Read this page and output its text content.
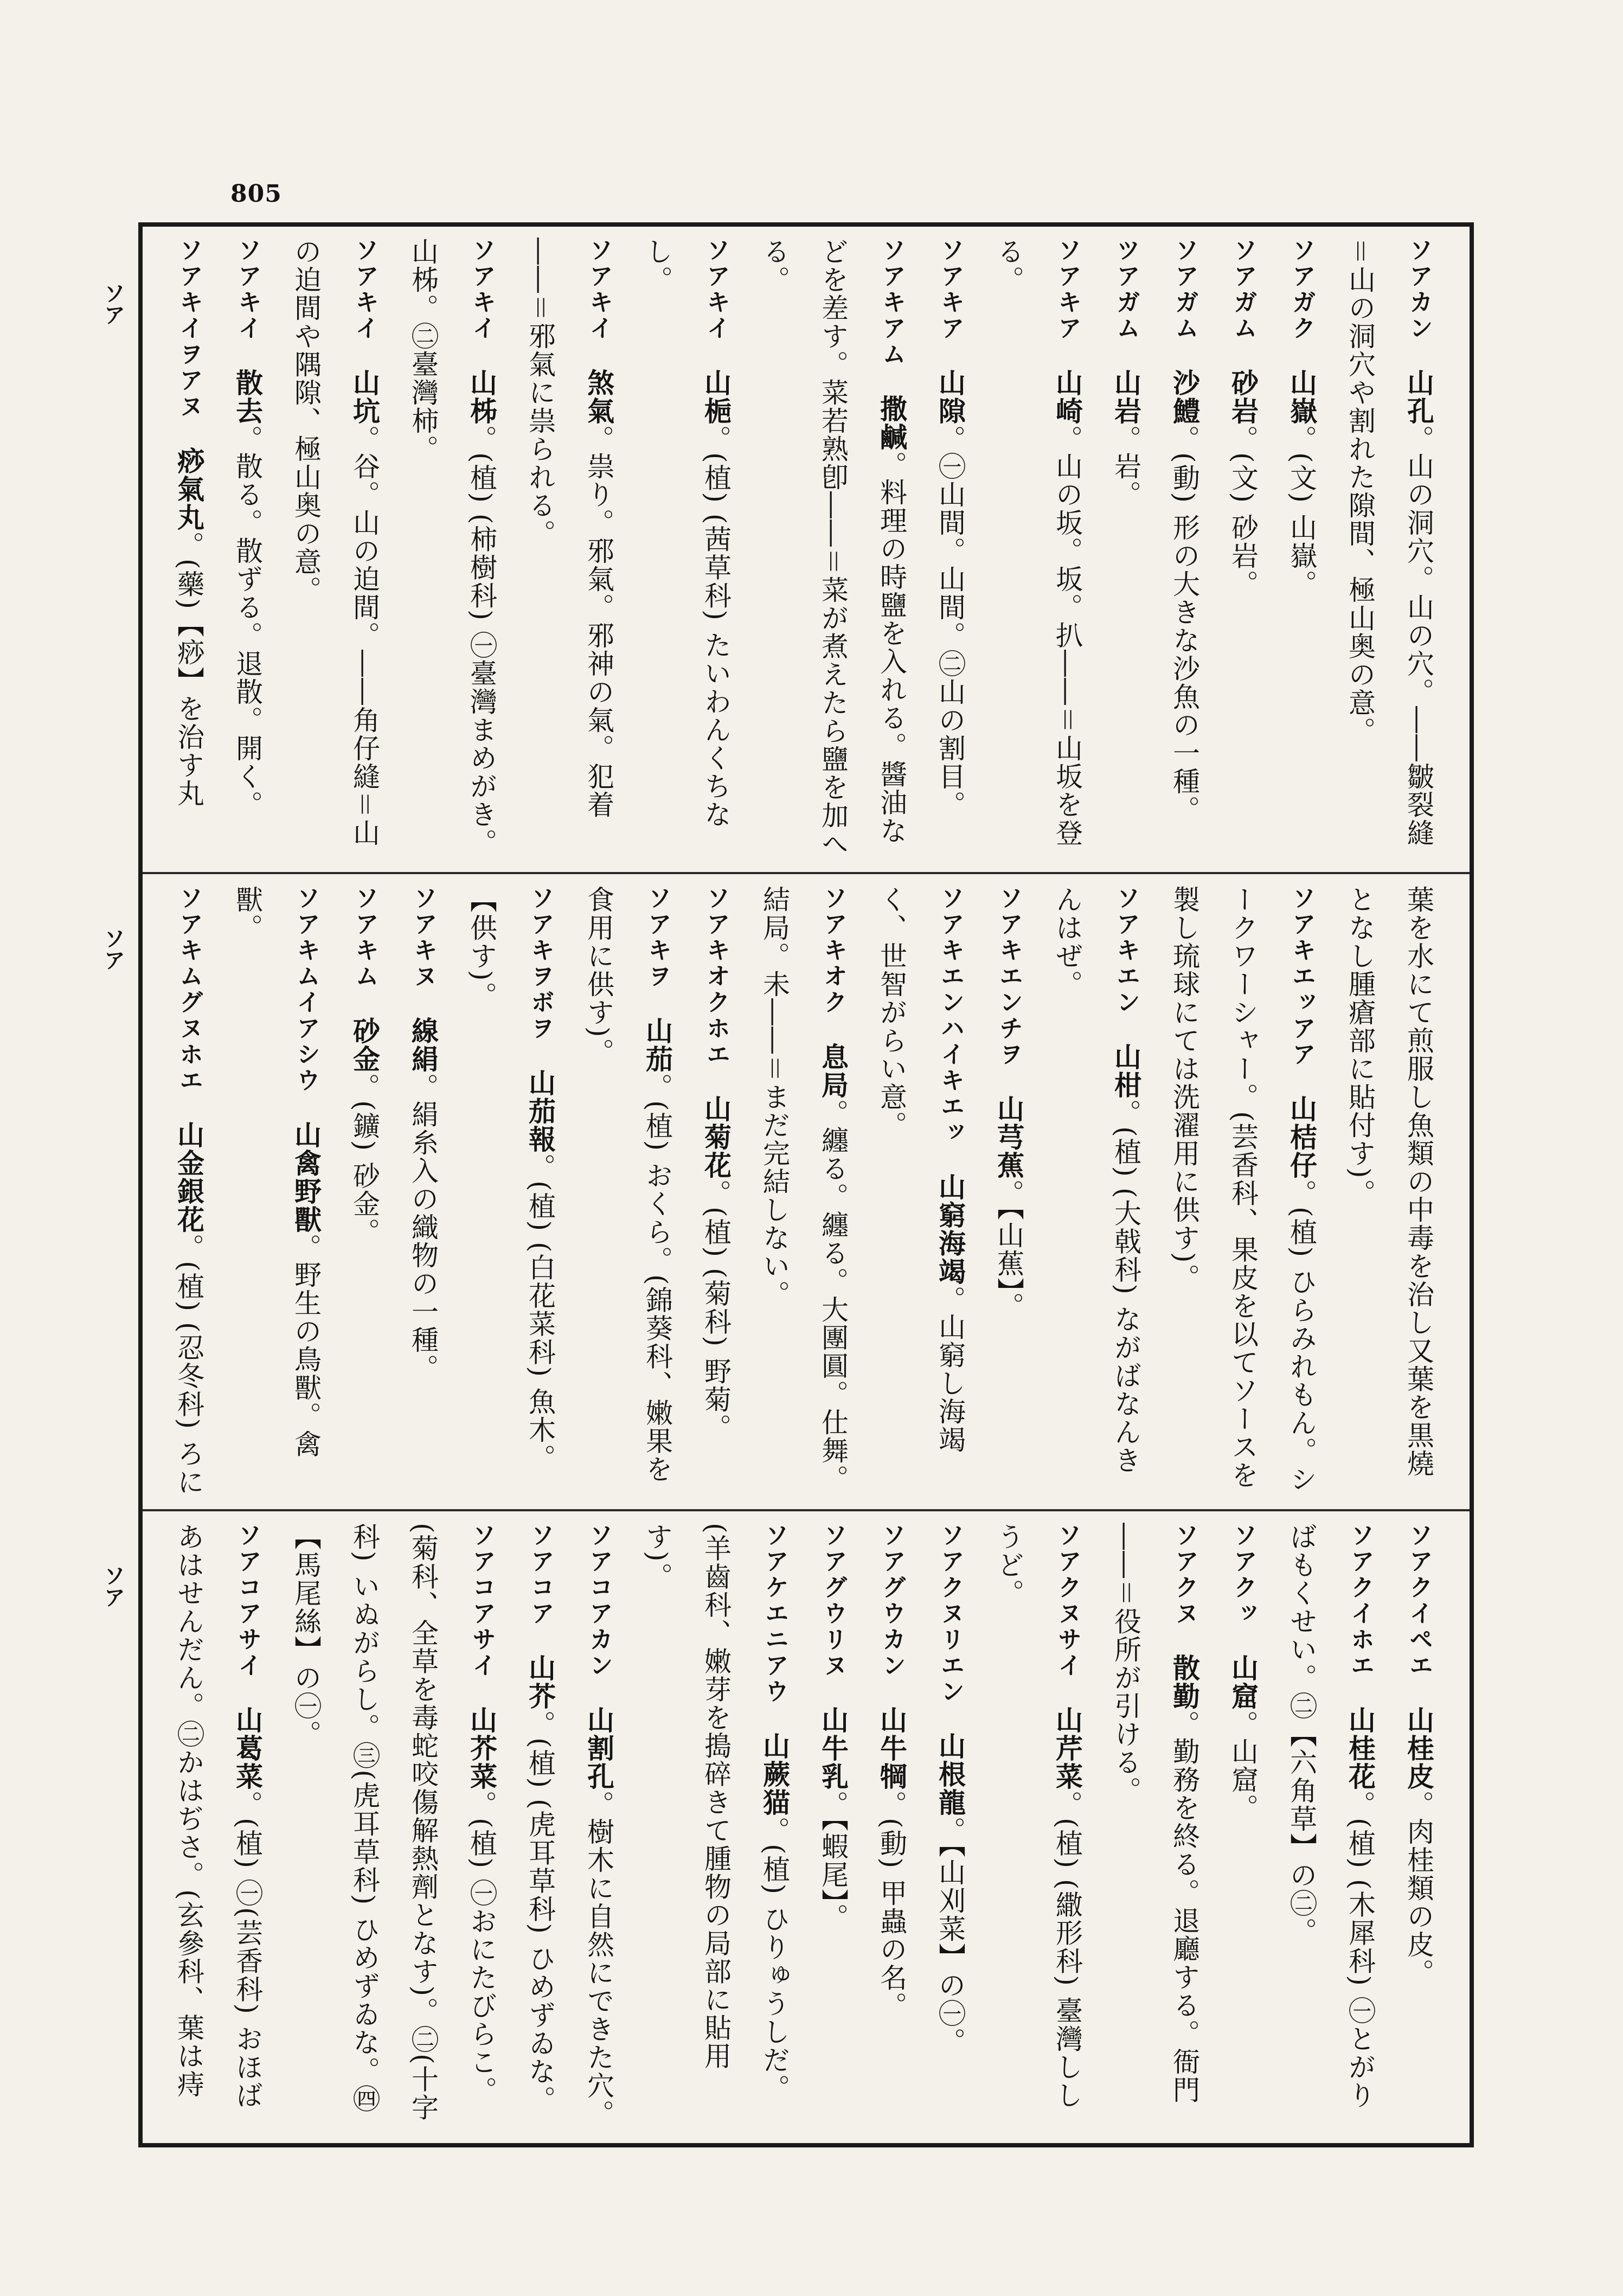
805
ソア
ソア
ソア
ソアカン　山孔。山の洞穴。山の穴。――皺裂縫＝山の洞穴や割れた隙間、極山奥の意。
ソアガク　山嶽。(文) 山嶽。
ソアガム　砂岩。(文) 砂岩。
ソアガム　沙鱧。(動) 形の大きな沙魚の一種。
ツアガム　山岩。岩。
ソアキア　山崎。山の坂。坂。扒――＝山坂を登る。
ソアキア　山隙。㊀山間。山間。㊁山の割目。
ソアキアム　撒鹹。料理の時鹽を入れる。醬油などを差す。菜若熟卽――＝菜が煮えたら鹽を加へる。
ソアキイ　山梔。(植) (茜草科) たいわんくちなし。
ソアキイ　煞氣。祟り。邪氣。邪神の氣。犯着――＝邪氣に祟られる。
ソアキイ　山柹。(植) (柿樹科) ㊀臺灣まめがき。山柹。㊁臺灣柿。
ソアキイ　山坑。谷。山の迫間。――角仔縫＝山の迫間や隅隙、極山奥の意。
ソアキイ　散去。散る。散ずる。退散。開く。
ソアキイヲアヌ　痧氣丸。(藥)【痧】を治す丸

葉を水にて煎服し魚類の中毒を治し又葉を黒燒となし腫瘡部に貼付す)。
ソアキエッアア　山桔仔。(植) ひらみれもん。シークワーシャー。(芸香科、果皮を以てソースを製し琉球にては洗濯用に供す)。
ソアキエン　山柑。(植) (大戟科) ながばなんきんはぜ。
ソアキエンチヲ　山芎蕉。【山蕉】。
ソアキエンハイキエッ　山窮海竭。山窮し海竭く、世智がらい意。
ソアキオク　息局。纏る。纏る。大團圓。仕舞。結局。未――＝まだ完結しない。
ソアキオクホエ　山菊花。(植) (菊科) 野菊。
ソアキヲ　山茄。(植) おくら。(錦葵科、嫩果を食用に供す)。
ソアキヲボヲ　山茄報。(植) (白花菜科) 魚木。【供す)。
ソアキヌ　線絹。絹糸入の織物の一種。
ソアキム　砂金。(鑛) 砂金。
ソアキムイアシウ　山禽野獸。野生の鳥獸。禽獸。
ソアキムグヌホエ　山金銀花。(植) (忍冬科) ろに

ソアクイペエ　山桂皮。肉桂類の皮。
ソアクイホエ　山桂花。(植) (木犀科) ㊀とがりばもくせい。㊁【六角草】の㊁。
ソアクッ　山窟。山窟。
ソアクヌ　散勤。勤務を終る。退廳する。衙門――＝役所が引ける。
ソアクヌサイ　山芹菜。(植) (繖形科) 臺灣ししうど。
ソアクヌリエン　山根龍。【山刈菜】の㊀。
ソアグウカン　山牛犅。(動) 甲蟲の名。
ソアグウリヌ　山牛乳。【蝦尾】。
ソアケエニアウ　山蕨猫。(植) ひりゅうしだ。(羊齒科、嫩芽を搗碎きて腫物の局部に貼用す)。
ソアコアカン　山割孔。樹木に自然にできた穴。
ソアコア　山芥。(植) (虎耳草科) ひめずゐな。
ソアコアサイ　山芥菜。(植) ㊀おにたびらこ。(菊科、全草を毒蛇咬傷解熱劑となす)。㊁(十字科) いぬがらし。㊂(虎耳草科) ひめずゐな。㊃【馬尾絲】の㊀。
ソアコアサイ　山葛菜。(植) ㊀(芸香科) おほばあはせんだん。㊁かはぢさ。(玄參科、葉は痔
